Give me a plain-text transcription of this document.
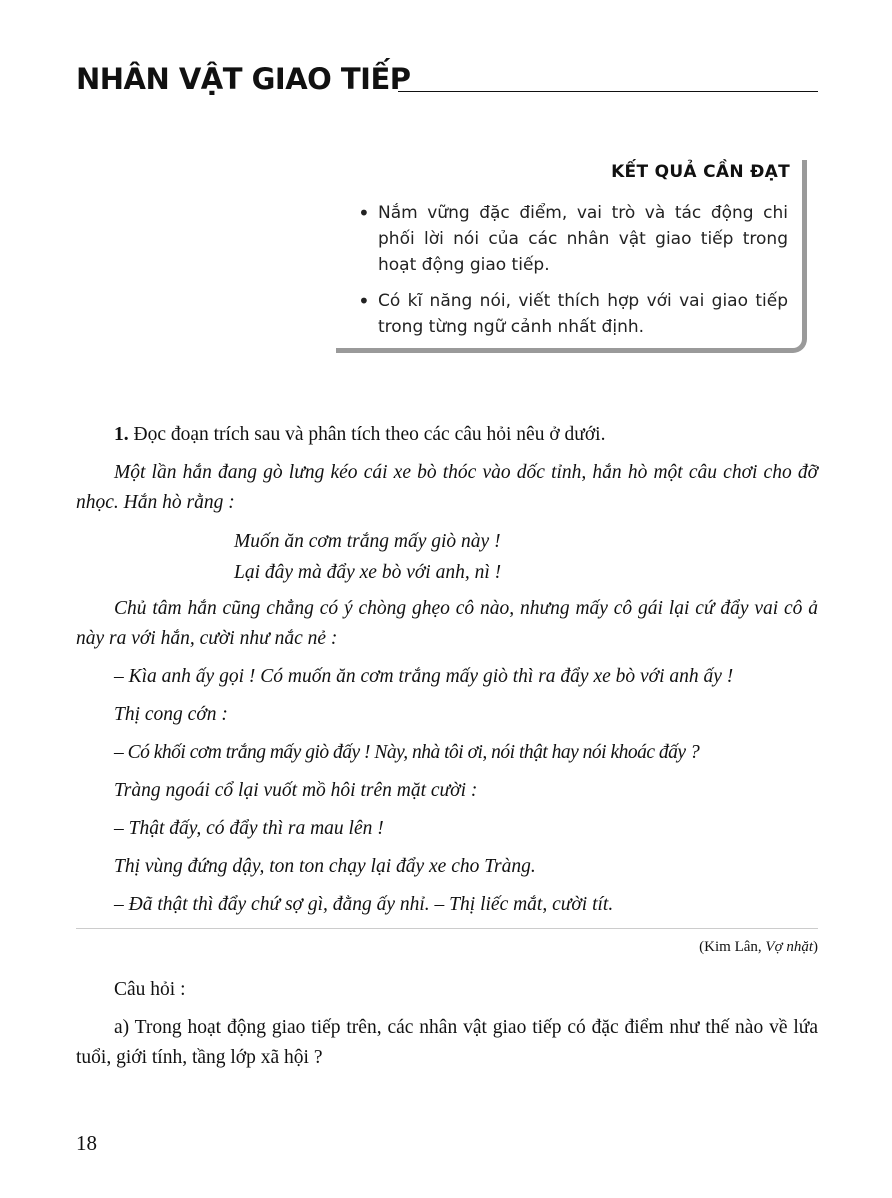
NHÂN VẬT GIAO TIẾP
KẾT QUẢ CẦN ĐẠT
• Nắm vững đặc điểm, vai trò và tác động chi phối lời nói của các nhân vật giao tiếp trong hoạt động giao tiếp.
• Có kĩ năng nói, viết thích hợp với vai giao tiếp trong từng ngữ cảnh nhất định.

1. Đọc đoạn trích sau và phân tích theo các câu hỏi nêu ở dưới.

Một lần hắn đang gò lưng kéo cái xe bò thóc vào dốc tỉnh, hắn hò một câu chơi cho đỡ nhọc. Hắn hò rằng :

Muốn ăn cơm trắng mấy giò này !
Lại đây mà đẩy xe bò với anh, nì !

Chủ tâm hắn cũng chẳng có ý chòng ghẹo cô nào, nhưng mấy cô gái lại cứ đẩy vai cô ả này ra với hắn, cười như nắc nẻ :

– Kìa anh ấy gọi ! Có muốn ăn cơm trắng mấy giò thì ra đẩy xe bò với anh ấy !

Thị cong cớn :

– Có khối cơm trắng mấy giò đấy ! Này, nhà tôi ơi, nói thật hay nói khoác đấy ?

Tràng ngoái cổ lại vuốt mồ hôi trên mặt cười :

– Thật đấy, có đẩy thì ra mau lên !

Thị vùng đứng dậy, ton ton chạy lại đẩy xe cho Tràng.

– Đã thật thì đẩy chứ sợ gì, đằng ấy nhỉ. – Thị liếc mắt, cười tít.

(Kim Lân, Vợ nhặt)

Câu hỏi :

a) Trong hoạt động giao tiếp trên, các nhân vật giao tiếp có đặc điểm như thế nào về lứa tuổi, giới tính, tầng lớp xã hội ?

18
